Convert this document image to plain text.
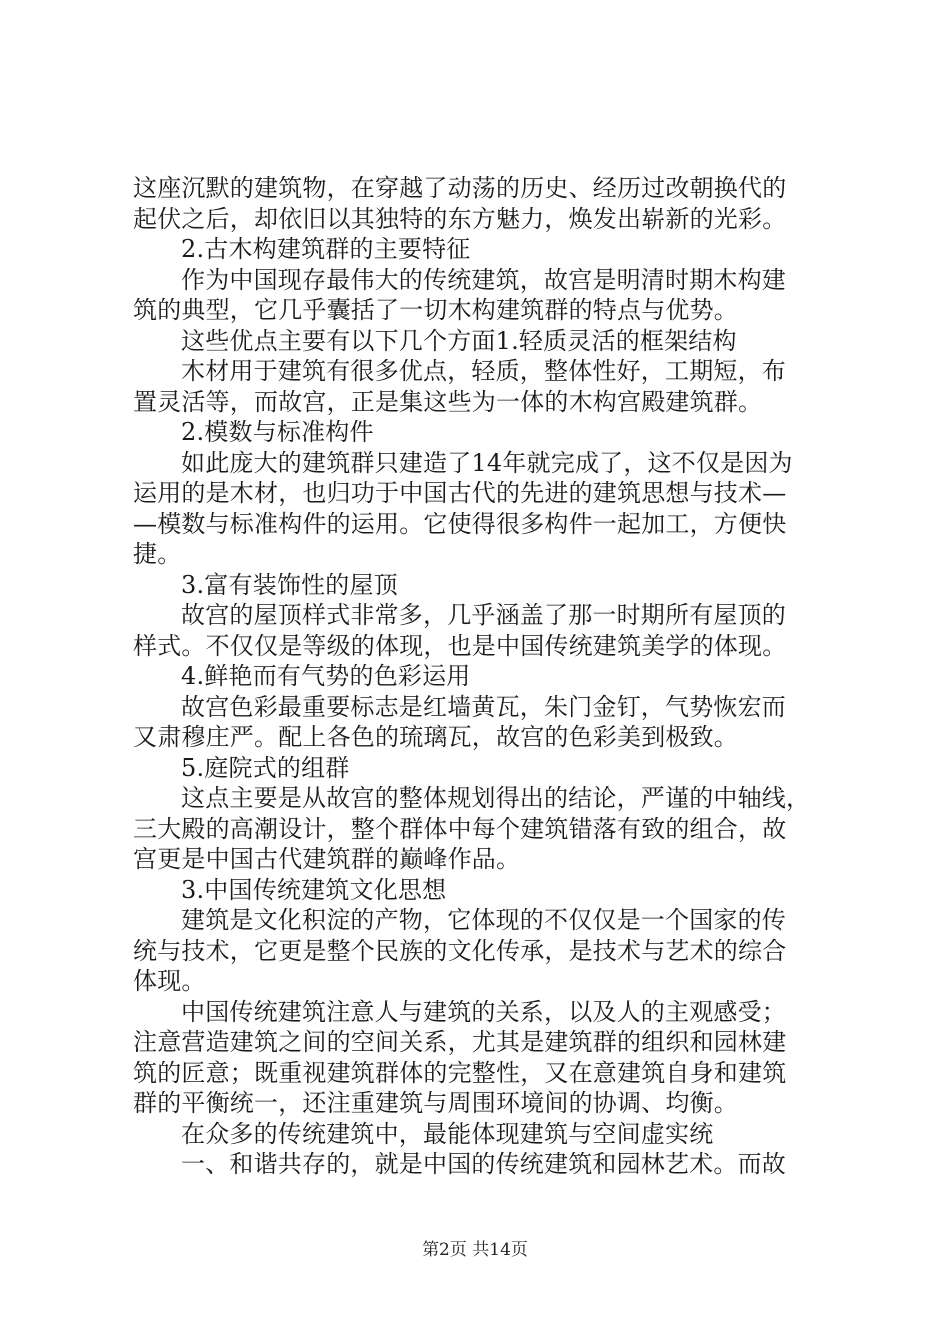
这座沉默的建筑物，在穿越了动荡的历史、经历过改朝换代的
起伏之后，却依旧以其独特的东方魅力，焕发出崭新的光彩。
2.古木构建筑群的主要特征
作为中国现存最伟大的传统建筑，故宫是明清时期木构建
筑的典型，它几乎囊括了一切木构建筑群的特点与优势。
这些优点主要有以下几个方面1.轻质灵活的框架结构
木材用于建筑有很多优点，轻质，整体性好，工期短，布
置灵活等，而故宫，正是集这些为一体的木构宫殿建筑群。
2.模数与标准构件
如此庞大的建筑群只建造了14年就完成了，这不仅是因为
运用的是木材，也归功于中国古代的先进的建筑思想与技术—
—模数与标准构件的运用。它使得很多构件一起加工，方便快
捷。
3.富有装饰性的屋顶
故宫的屋顶样式非常多，几乎涵盖了那一时期所有屋顶的
样式。不仅仅是等级的体现，也是中国传统建筑美学的体现。
4.鲜艳而有气势的色彩运用
故宫色彩最重要标志是红墙黄瓦，朱门金钉，气势恢宏而
又肃穆庄严。配上各色的琉璃瓦，故宫的色彩美到极致。
5.庭院式的组群
这点主要是从故宫的整体规划得出的结论，严谨的中轴线，
三大殿的高潮设计，整个群体中每个建筑错落有致的组合，故
宫更是中国古代建筑群的巅峰作品。
3.中国传统建筑文化思想
建筑是文化积淀的产物，它体现的不仅仅是一个国家的传
统与技术，它更是整个民族的文化传承，是技术与艺术的综合
体现。
中国传统建筑注意人与建筑的关系，以及人的主观感受；
注意营造建筑之间的空间关系，尤其是建筑群的组织和园林建
筑的匠意；既重视建筑群体的完整性，又在意建筑自身和建筑
群的平衡统一，还注重建筑与周围环境间的协调、均衡。
在众多的传统建筑中，最能体现建筑与空间虚实统
一、和谐共存的，就是中国的传统建筑和园林艺术。而故
第2页 共14页
